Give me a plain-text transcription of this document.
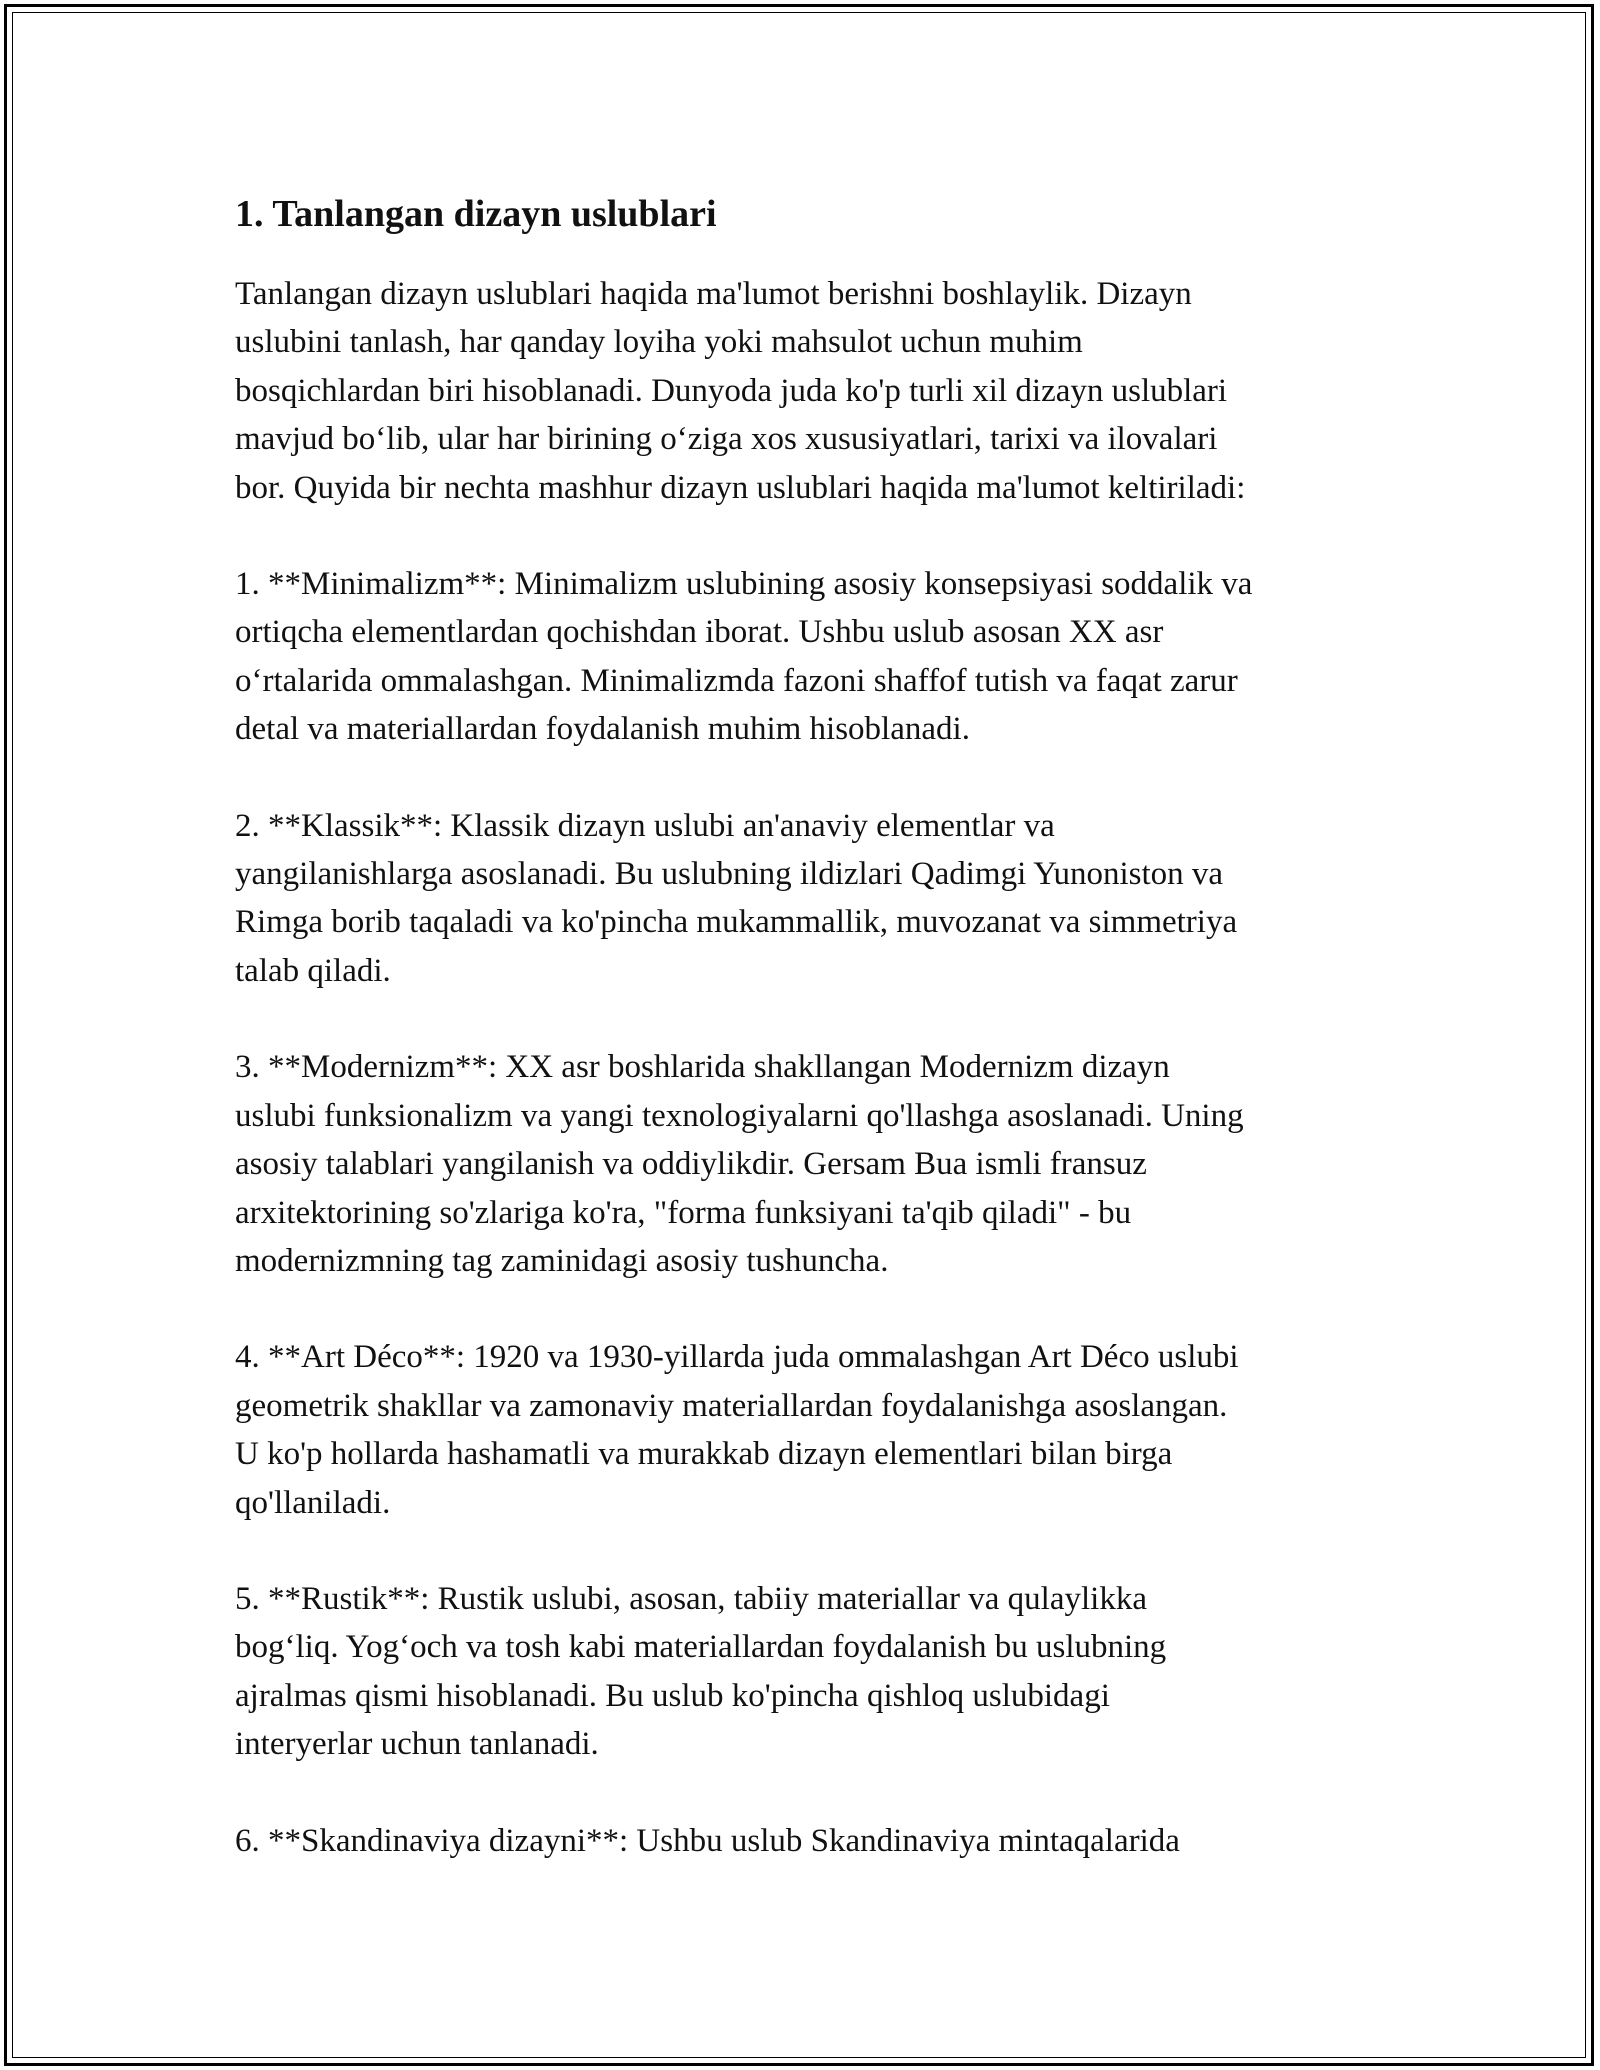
1. Tanlangan dizayn uslublari

Tanlangan dizayn uslublari haqida ma'lumot berishni boshlaylik. Dizayn
uslubini tanlash, har qanday loyiha yoki mahsulot uchun muhim
bosqichlardan biri hisoblanadi. Dunyoda juda ko'p turli xil dizayn uslublari
mavjud bo‘lib, ular har birining o‘ziga xos xususiyatlari, tarixi va ilovalari
bor. Quyida bir nechta mashhur dizayn uslublari haqida ma'lumot keltiriladi:

1. **Minimalizm**: Minimalizm uslubining asosiy konsepsiyasi soddalik va
ortiqcha elementlardan qochishdan iborat. Ushbu uslub asosan XX asr
o‘rtalarida ommalashgan. Minimalizmda fazoni shaffof tutish va faqat zarur
detal va materiallardan foydalanish muhim hisoblanadi.

2. **Klassik**: Klassik dizayn uslubi an'anaviy elementlar va
yangilanishlarga asoslanadi. Bu uslubning ildizlari Qadimgi Yunoniston va
Rimga borib taqaladi va ko'pincha mukammallik, muvozanat va simmetriya
talab qiladi.

3. **Modernizm**: XX asr boshlarida shakllangan Modernizm dizayn
uslubi funksionalizm va yangi texnologiyalarni qo'llashga asoslanadi. Uning
asosiy talablari yangilanish va oddiylikdir. Gersam Bua ismli fransuz
arxitektorining so'zlariga ko'ra, "forma funksiyani ta'qib qiladi" - bu
modernizmning tag zaminidagi asosiy tushuncha.

4. **Art Déco**: 1920 va 1930-yillarda juda ommalashgan Art Déco uslubi
geometrik shakllar va zamonaviy materiallardan foydalanishga asoslangan.
U ko'p hollarda hashamatli va murakkab dizayn elementlari bilan birga
qo'llaniladi.

5. **Rustik**: Rustik uslubi, asosan, tabiiy materiallar va qulaylikka
bog‘liq. Yog‘och va tosh kabi materiallardan foydalanish bu uslubning
ajralmas qismi hisoblanadi. Bu uslub ko'pincha qishloq uslubidagi
interyerlar uchun tanlanadi.

6. **Skandinaviya dizayni**: Ushbu uslub Skandinaviya mintaqalarida
